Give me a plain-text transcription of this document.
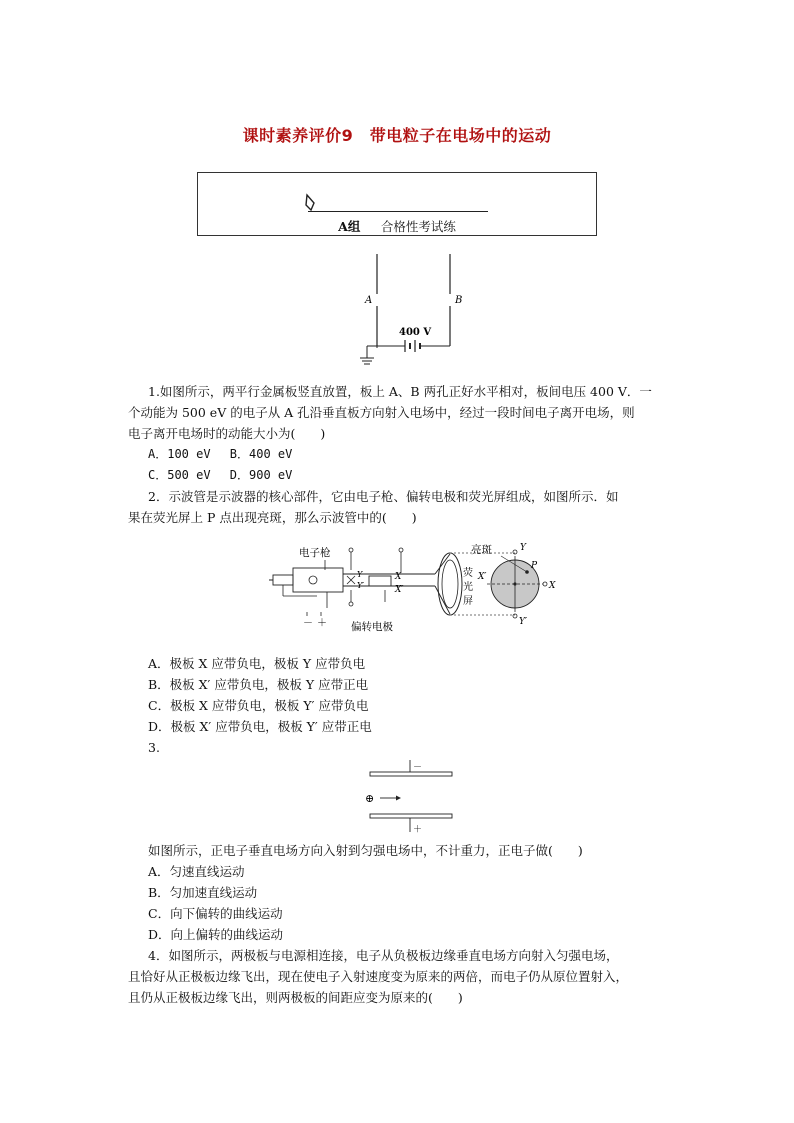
课时素养评价9　带电粒子在电场中的运动
A组 　 合格性考试练
A	B
400 V
1.如图所示，两平行金属板竖直放置，板上 A、B 两孔正好水平相对，板间电压 400 V．一
个动能为 500 eV 的电子从 A 孔沿垂直板方向射入电场中，经过一段时间电子离开电场，则
电子离开电场时的动能大小为(　　)
A．100 eV　 B．400 eV
C．500 eV　 D．900 eV
2．示波管是示波器的核心部件，它由电子枪、偏转电极和荧光屏组成，如图所示．如
果在荧光屏上 P 点出现亮斑，那么示波管中的(　　)
电子枪
－ ＋
Y
Y′
X
X′
偏转电极
亮斑
荧
光
屏
X′
P
Y
Y′
X
A．极板 X 应带负电，极板 Y 应带负电
B．极板 X′ 应带负电，极板 Y 应带正电
C．极板 X 应带负电，极板 Y′ 应带负电
D．极板 X′ 应带负电，极板 Y′ 应带正电
3.
－
⊕
＋
如图所示，正电子垂直电场方向入射到匀强电场中，不计重力，正电子做(　　)
A．匀速直线运动
B．匀加速直线运动
C．向下偏转的曲线运动
D．向上偏转的曲线运动
4．如图所示，两极板与电源相连接，电子从负极板边缘垂直电场方向射入匀强电场，
且恰好从正极板边缘飞出，现在使电子入射速度变为原来的两倍，而电子仍从原位置射入，
且仍从正极板边缘飞出，则两极板的间距应变为原来的(　　)
